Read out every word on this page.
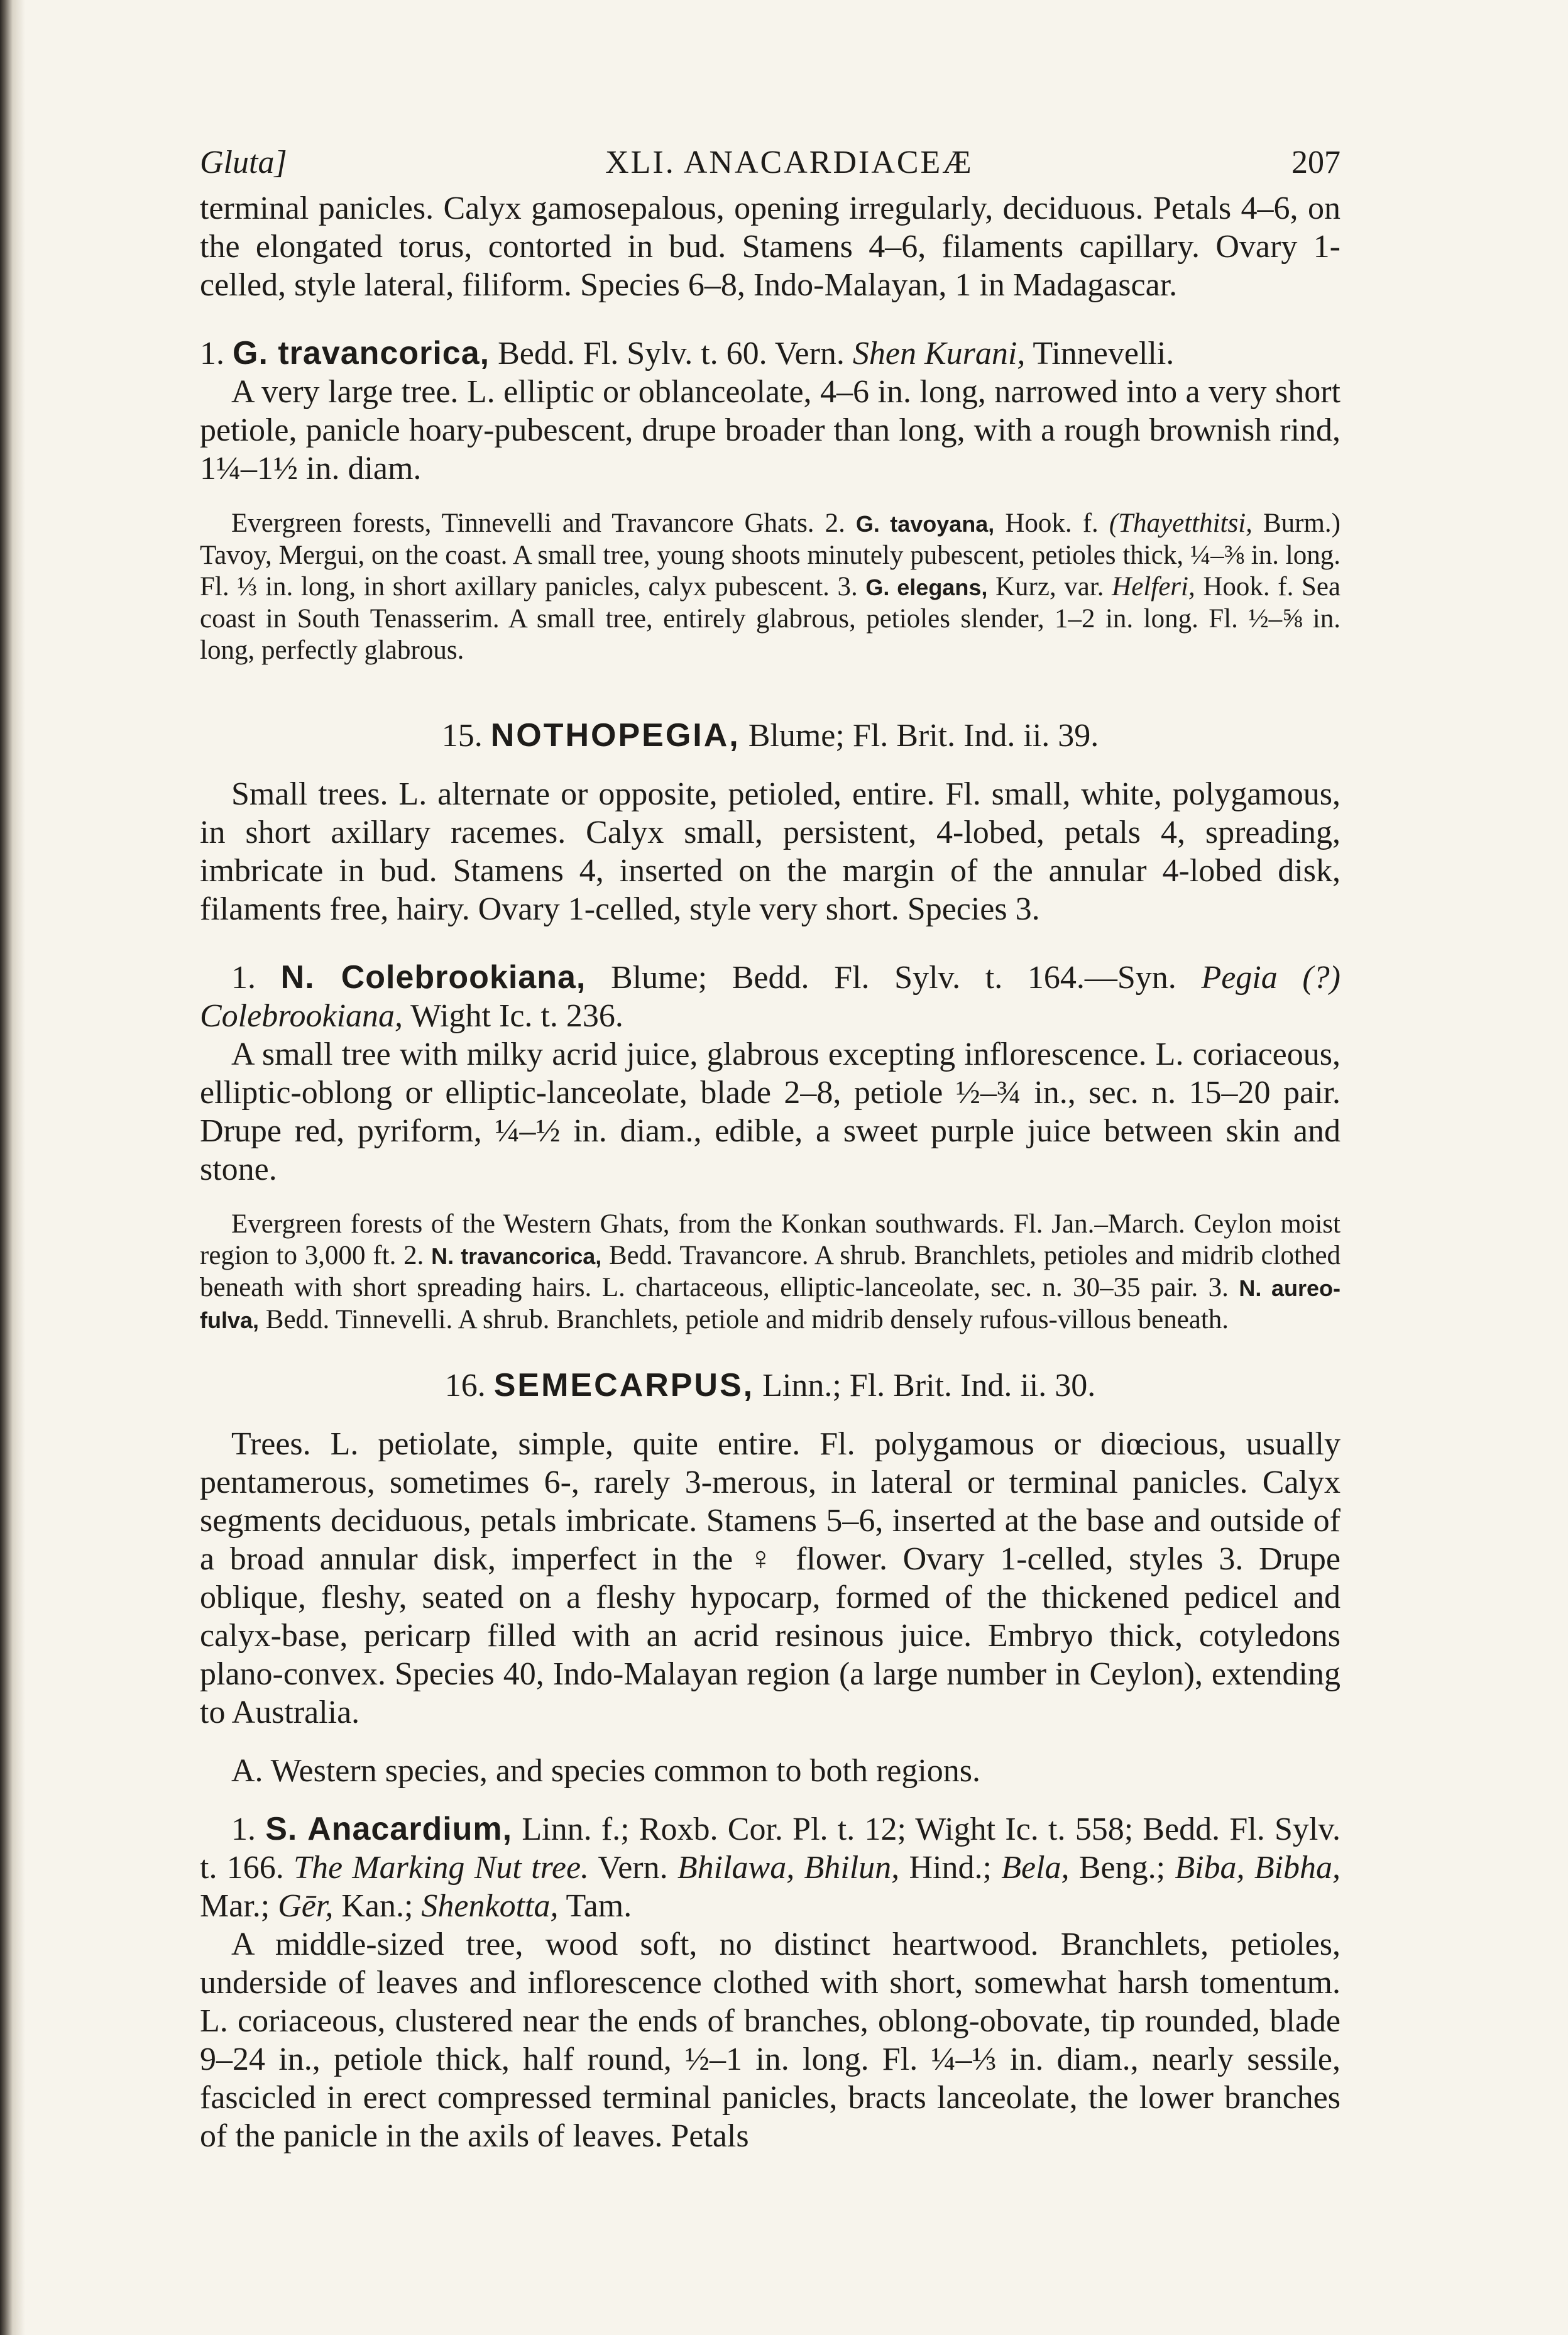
Gluta]	XLI. ANACARDIACEÆ	207

terminal panicles. Calyx gamosepalous, opening irregularly, deciduous. Petals 4–6, on the elongated torus, contorted in bud. Stamens 4–6, filaments capillary. Ovary 1-celled, style lateral, filiform. Species 6–8, Indo-Malayan, 1 in Madagascar.

1. G. travancorica, Bedd. Fl. Sylv. t. 60. Vern. Shen Kurani, Tinnevelli.

A very large tree. L. elliptic or oblanceolate, 4–6 in. long, narrowed into a very short petiole, panicle hoary-pubescent, drupe broader than long, with a rough brownish rind, 1¼–1½ in. diam.

Evergreen forests, Tinnevelli and Travancore Ghats. 2. G. tavoyana, Hook. f. (Thayetthitsi, Burm.) Tavoy, Mergui, on the coast. A small tree, young shoots minutely pubescent, petioles thick, ¼–⅜ in. long. Fl. ⅓ in. long, in short axillary panicles, calyx pubescent. 3. G. elegans, Kurz, var. Helferi, Hook. f. Sea coast in South Tenasserim. A small tree, entirely glabrous, petioles slender, 1–2 in. long. Fl. ½–⅝ in. long, perfectly glabrous.

15. NOTHOPEGIA, Blume; Fl. Brit. Ind. ii. 39.

Small trees. L. alternate or opposite, petioled, entire. Fl. small, white, polygamous, in short axillary racemes. Calyx small, persistent, 4-lobed, petals 4, spreading, imbricate in bud. Stamens 4, inserted on the margin of the annular 4-lobed disk, filaments free, hairy. Ovary 1-celled, style very short. Species 3.

1. N. Colebrookiana, Blume; Bedd. Fl. Sylv. t. 164.—Syn. Pegia (?) Colebrookiana, Wight Ic. t. 236.

A small tree with milky acrid juice, glabrous excepting inflorescence. L. coriaceous, elliptic-oblong or elliptic-lanceolate, blade 2–8, petiole ½–¾ in., sec. n. 15–20 pair. Drupe red, pyriform, ¼–½ in. diam., edible, a sweet purple juice between skin and stone.

Evergreen forests of the Western Ghats, from the Konkan southwards. Fl. Jan.–March. Ceylon moist region to 3,000 ft. 2. N. travancorica, Bedd. Travancore. A shrub. Branchlets, petioles and midrib clothed beneath with short spreading hairs. L. chartaceous, elliptic-lanceolate, sec. n. 30–35 pair. 3. N. aureo-fulva, Bedd. Tinnevelli. A shrub. Branchlets, petiole and midrib densely rufous-villous beneath.

16. SEMECARPUS, Linn.; Fl. Brit. Ind. ii. 30.

Trees. L. petiolate, simple, quite entire. Fl. polygamous or diœcious, usually pentamerous, sometimes 6-, rarely 3-merous, in lateral or terminal panicles. Calyx segments deciduous, petals imbricate. Stamens 5–6, inserted at the base and outside of a broad annular disk, imperfect in the ♀ flower. Ovary 1-celled, styles 3. Drupe oblique, fleshy, seated on a fleshy hypocarp, formed of the thickened pedicel and calyx-base, pericarp filled with an acrid resinous juice. Embryo thick, cotyledons plano-convex. Species 40, Indo-Malayan region (a large number in Ceylon), extending to Australia.

A. Western species, and species common to both regions.

1. S. Anacardium, Linn. f.; Roxb. Cor. Pl. t. 12; Wight Ic. t. 558; Bedd. Fl. Sylv. t. 166. The Marking Nut tree. Vern. Bhilawa, Bhilun, Hind.; Bela, Beng.; Biba, Bibha, Mar.; Gēr, Kan.; Shenkotta, Tam.

A middle-sized tree, wood soft, no distinct heartwood. Branchlets, petioles, underside of leaves and inflorescence clothed with short, somewhat harsh tomentum. L. coriaceous, clustered near the ends of branches, oblong-obovate, tip rounded, blade 9–24 in., petiole thick, half round, ½–1 in. long. Fl. ¼–⅓ in. diam., nearly sessile, fascicled in erect compressed terminal panicles, bracts lanceolate, the lower branches of the panicle in the axils of leaves. Petals
